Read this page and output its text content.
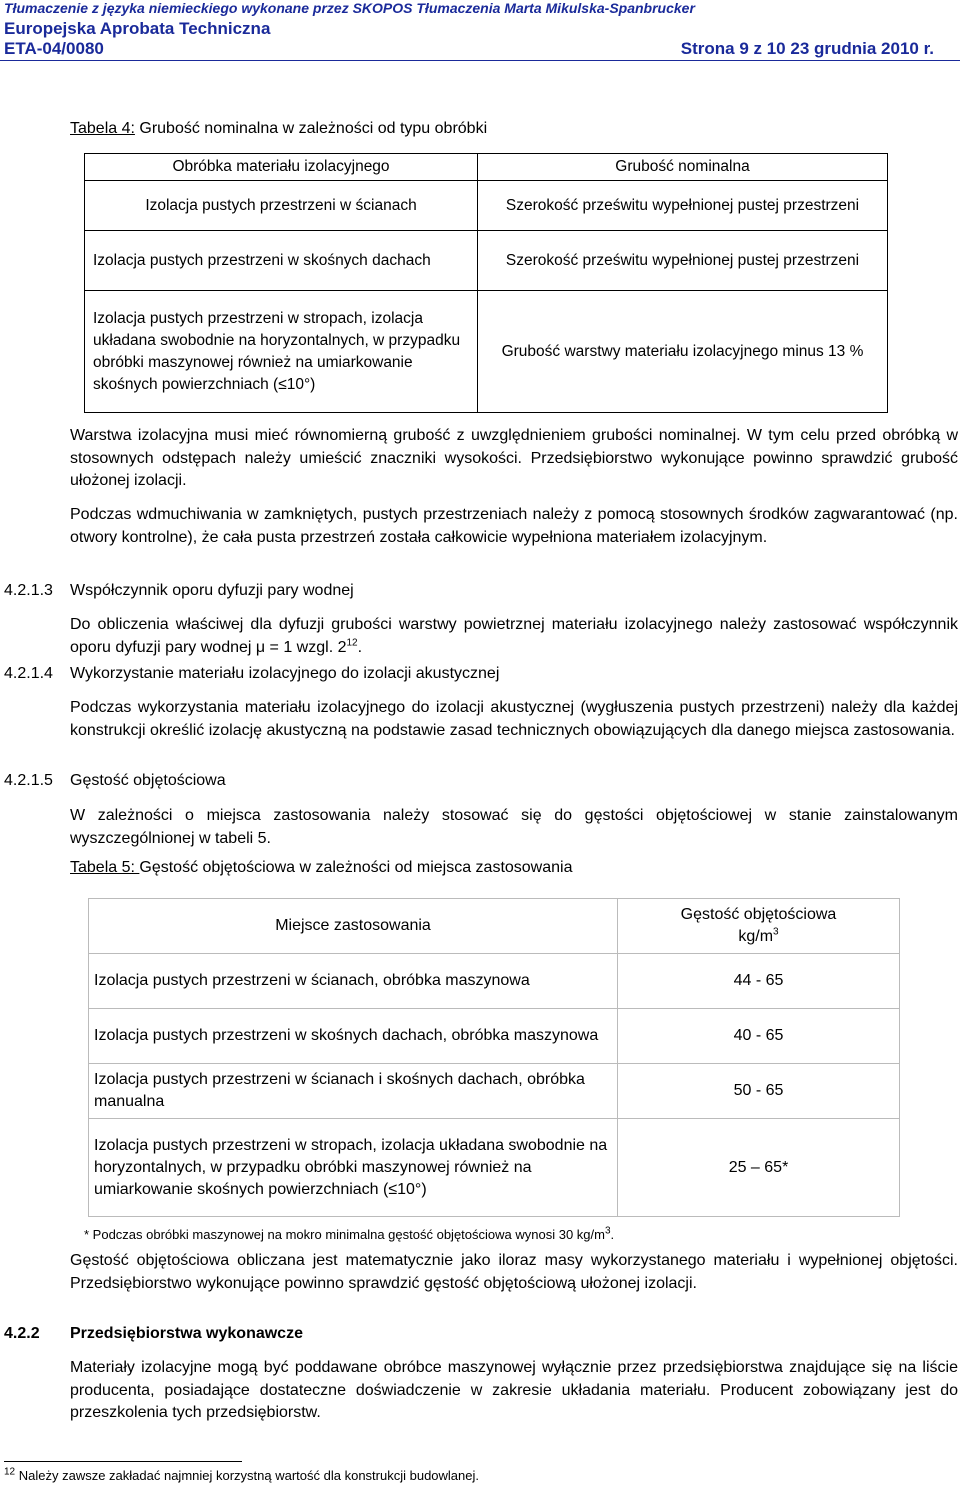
Tłumaczenie z języka niemieckiego wykonane przez SKOPOS Tłumaczenia Marta Mikulska-Spanbrucker
Europejska Aprobata Techniczna
ETA-04/0080	Strona 9 z 10 23 grudnia 2010 r.
Tabela 4: Grubość nominalna w zależności od typu obróbki
Obróbka materiału izolacyjnego	Grubość nominalna
Izolacja pustych przestrzeni w ścianach	Szerokość prześwitu wypełnionej pustej przestrzeni
Izolacja pustych przestrzeni w skośnych dachach	Szerokość prześwitu wypełnionej pustej przestrzeni
Izolacja pustych przestrzeni w stropach, izolacja układana swobodnie na horyzontalnych, w przypadku obróbki maszynowej również na umiarkowanie skośnych powierzchniach (≤10°)	Grubość warstwy materiału izolacyjnego minus 13 %
Warstwa izolacyjna musi mieć równomierną grubość z uwzględnieniem grubości nominalnej. W tym celu przed obróbką w stosownych odstępach należy umieścić znaczniki wysokości. Przedsiębiorstwo wykonujące powinno sprawdzić grubość ułożonej izolacji.
Podczas wdmuchiwania w zamkniętych, pustych przestrzeniach należy z pomocą stosownych środków zagwarantować (np. otwory kontrolne), że cała pusta przestrzeń została całkowicie wypełniona materiałem izolacyjnym.
4.2.1.3 Współczynnik oporu dyfuzji pary wodnej
Do obliczenia właściwej dla dyfuzji grubości warstwy powietrznej materiału izolacyjnego należy zastosować współczynnik oporu dyfuzji pary wodnej μ = 1 wzgl. $2^{12}$.
4.2.1.4 Wykorzystanie materiału izolacyjnego do izolacji akustycznej
Podczas wykorzystania materiału izolacyjnego do izolacji akustycznej (wygłuszenia pustych przestrzeni) należy dla każdej konstrukcji określić izolację akustyczną na podstawie zasad technicznych obowiązujących dla danego miejsca zastosowania.
4.2.1.5 Gęstość objętościowa
W zależności o miejsca zastosowania należy stosować się do gęstości objętościowej w stanie zainstalowanym wyszczególnionej w tabeli 5.
Tabela 5: Gęstość objętościowa w zależności od miejsca zastosowania
Miejsce zastosowania	Gęstość objętościowa
$kg/m^3$
Izolacja pustych przestrzeni w ścianach, obróbka maszynowa	44 - 65
Izolacja pustych przestrzeni w skośnych dachach, obróbka maszynowa	40 - 65
Izolacja pustych przestrzeni w ścianach i skośnych dachach, obróbka manualna	50 - 65
Izolacja pustych przestrzeni w stropach, izolacja układana swobodnie na horyzontalnych, w przypadku obróbki maszynowej również na umiarkowanie skośnych powierzchniach (≤10°)	25 – 65*
* Podczas obróbki maszynowej na mokro minimalna gęstość objętościowa wynosi 30 $kg/m^3$.
Gęstość objętościowa obliczana jest matematycznie jako iloraz masy wykorzystanego materiału i wypełnionej objętości. Przedsiębiorstwo wykonujące powinno sprawdzić gęstość objętościową ułożonej izolacji.
4.2.2 Przedsiębiorstwa wykonawcze
Materiały izolacyjne mogą być poddawane obróbce maszynowej wyłącznie przez przedsiębiorstwa znajdujące się na liście producenta, posiadające dostateczne doświadczenie w zakresie układania materiału. Producent zobowiązany jest do przeszkolenia tych przedsiębiorstw.
$^{12}$ Należy zawsze zakładać najmniej korzystną wartość dla konstrukcji budowlanej.
